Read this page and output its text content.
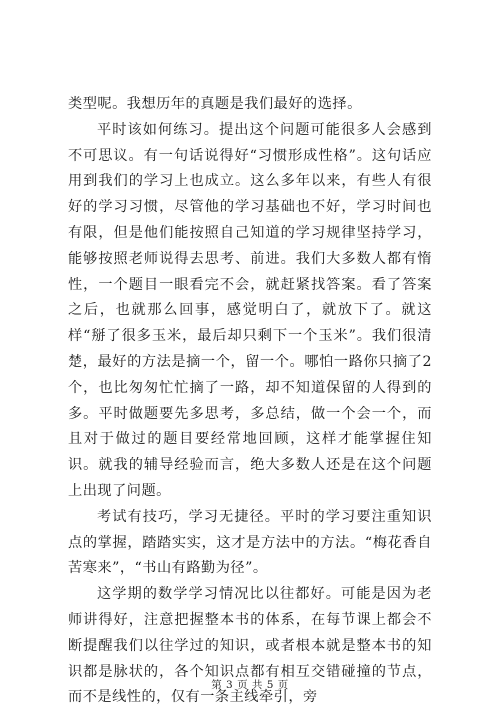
类型呢。我想历年的真题是我们最好的选择。

平时该如何练习。提出这个问题可能很多人会感到不可思议。有一句话说得好“习惯形成性格”。这句话应用到我们的学习上也成立。这么多年以来，有些人有很好的学习习惯，尽管他的学习基础也不好，学习时间也有限，但是他们能按照自己知道的学习规律坚持学习，能够按照老师说得去思考、前进。我们大多数人都有惰性，一个题目一眼看完不会，就赶紧找答案。看了答案之后，也就那么回事，感觉明白了，就放下了。就这样“掰了很多玉米，最后却只剩下一个玉米”。我们很清楚，最好的方法是摘一个，留一个。哪怕一路你只摘了2个，也比匆匆忙忙摘了一路，却不知道保留的人得到的多。平时做题要先多思考，多总结，做一个会一个，而且对于做过的题目要经常地回顾，这样才能掌握住知识。就我的辅导经验而言，绝大多数人还是在这个问题上出现了问题。

考试有技巧，学习无捷径。平时的学习要注重知识点的掌握，踏踏实实，这才是方法中的方法。“梅花香自苦寒来”，“书山有路勤为径”。

这学期的数学学习情况比以往都好。可能是因为老师讲得好，注意把握整本书的体系，在每节课上都会不断提醒我们以往学过的知识，或者根本就是整本书的知识都是脉状的，各个知识点都有相互交错碰撞的节点，而不是线性的，仅有一条主线牵引，旁

第 3 页 共 5 页
